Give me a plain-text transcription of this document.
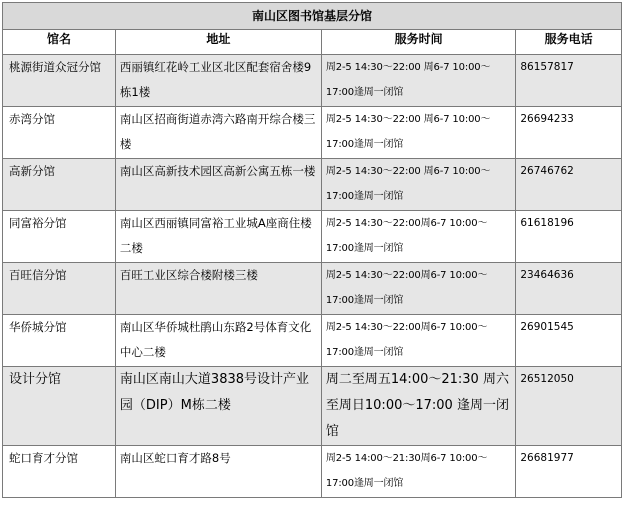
南山区图书馆基层分馆			
馆名	地址	服务时间	服务电话
桃源街道众冠分馆	西丽镇红花岭工业区北区配套宿舍楼9栋1楼	周2-5 14:30～22:00 周6-7 10:00～17:00逢周一闭馆	86157817
赤湾分馆	南山区招商街道赤湾六路南开综合楼三楼	周2-5 14:30～22:00 周6-7 10:00～17:00逢周一闭馆	26694233
高新分馆	南山区高新技术园区高新公寓五栋一楼	周2-5 14:30～22:00 周6-7 10:00～17:00逢周一闭馆	26746762
同富裕分馆	南山区西丽镇同富裕工业城A座商住楼二楼	周2-5 14:30～22:00周6-7 10:00～17:00逢周一闭馆	61618196
百旺信分馆	百旺工业区综合楼附楼三楼	周2-5 14:30～22:00周6-7 10:00～17:00逢周一闭馆	23464636
华侨城分馆	南山区华侨城杜鹃山东路2号体育文化中心二楼	周2-5 14:30～22:00周6-7 10:00～17:00逢周一闭馆	26901545
设计分馆	南山区南山大道3838号设计产业园（DIP）M栋二楼	周二至周五14:00～21:30 周六至周日10:00～17:00 逢周一闭馆	26512050
蛇口育才分馆	南山区蛇口育才路8号	周2-5 14:00～21:30周6-7 10:00～17:00逢周一闭馆	26681977
